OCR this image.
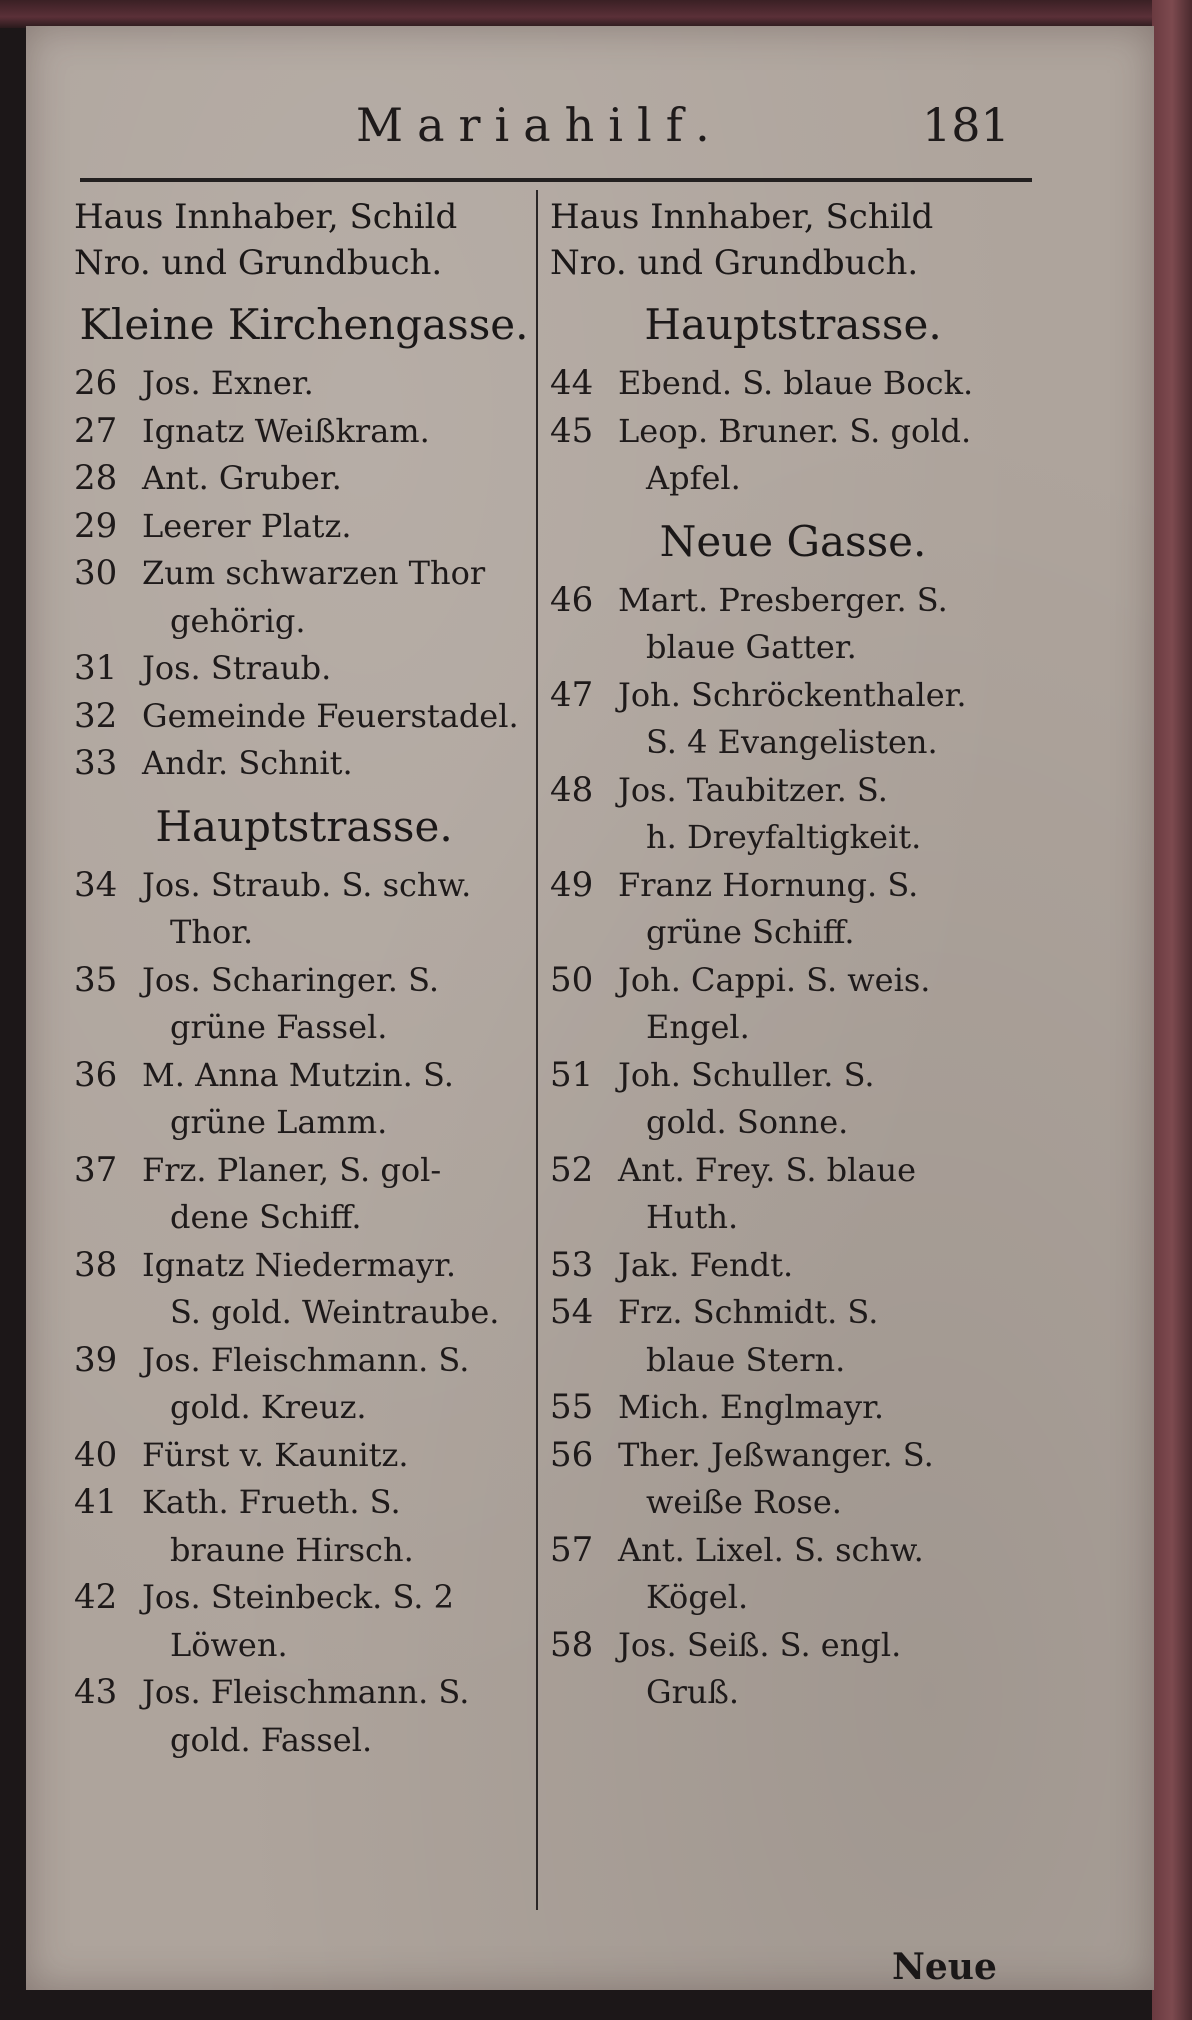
Mariahilf.	181
Haus Innhaber, Schild
Nro. und Grundbuch.
Kleine Kirchengasse.
26 Jos. Exner.
27 Ignatz Weißkram.
28 Ant. Gruber.
29 Leerer Platz.
30 Zum schwarzen Thor
gehörig.
31 Jos. Straub.
32 Gemeinde Feuerstadel.
33 Andr. Schnit.
Hauptstrasse.
34 Jos. Straub. S. schw.
Thor.
35 Jos. Scharinger. S.
grüne Fassel.
36 M. Anna Mutzin. S.
grüne Lamm.
37 Frz. Planer, S. gol-
dene Schiff.
38 Ignatz Niedermayr.
S. gold. Weintraube.
39 Jos. Fleischmann. S.
gold. Kreuz.
40 Fürst v. Kaunitz.
41 Kath. Frueth. S.
braune Hirsch.
42 Jos. Steinbeck. S. 2
Löwen.
43 Jos. Fleischmann. S.
gold. Fassel.
Haus Innhaber, Schild
Nro. und Grundbuch.
Hauptstrasse.
44 Ebend. S. blaue Bock.
45 Leop. Bruner. S. gold.
Apfel.
Neue Gasse.
46 Mart. Presberger. S.
blaue Gatter.
47 Joh. Schröckenthaler.
S. 4 Evangelisten.
48 Jos. Taubitzer. S.
h. Dreyfaltigkeit.
49 Franz Hornung. S.
grüne Schiff.
50 Joh. Cappi. S. weis.
Engel.
51 Joh. Schuller. S.
gold. Sonne.
52 Ant. Frey. S. blaue
Huth.
53 Jak. Fendt.
54 Frz. Schmidt. S.
blaue Stern.
55 Mich. Englmayr.
56 Ther. Jeßwanger. S.
weiße Rose.
57 Ant. Lixel. S. schw.
Kögel.
58 Jos. Seiß. S. engl.
Gruß.
Neue
